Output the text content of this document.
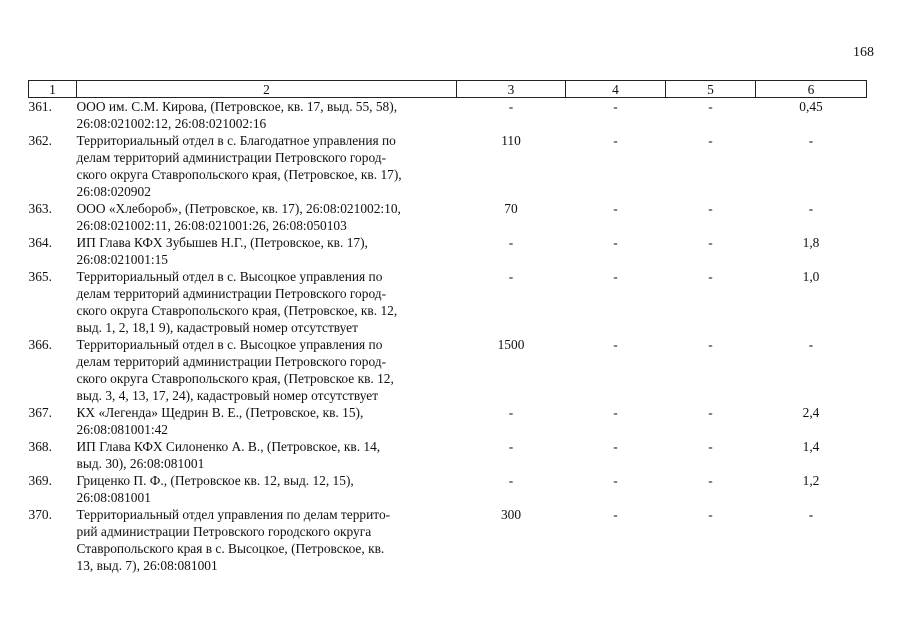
168
1	2	3	4	5	6
361.	ООО им. С.М. Кирова, (Петровское, кв. 17, выд. 55, 58),
26:08:021002:12, 26:08:021002:16	-	-	-	0,45
362.	Территориальный отдел в с. Благодатное управления по
делам территорий администрации Петровского город-
ского округа Ставропольского края, (Петровское, кв. 17),
26:08:020902	110	-	-	-
363.	ООО «Хлебороб», (Петровское, кв. 17), 26:08:021002:10,
26:08:021002:11, 26:08:021001:26, 26:08:050103	70	-	-	-
364.	ИП Глава КФХ Зубышев Н.Г., (Петровское, кв. 17),
26:08:021001:15	-	-	-	1,8
365.	Территориальный отдел в с. Высоцкое управления по
делам территорий администрации Петровского город-
ского округа Ставропольского края, (Петровское, кв. 12,
выд. 1, 2, 18,1 9), кадастровый номер отсутствует	-	-	-	1,0
366.	Территориальный отдел в с. Высоцкое управления по
делам территорий администрации Петровского город-
ского округа Ставропольского края, (Петровское кв. 12,
выд. 3, 4, 13, 17, 24), кадастровый номер отсутствует	1500	-	-	-
367.	КХ «Легенда» Щедрин В. Е., (Петровское, кв. 15),
26:08:081001:42	-	-	-	2,4
368.	ИП Глава КФХ Силоненко А. В., (Петровское, кв. 14,
выд. 30), 26:08:081001	-	-	-	1,4
369.	Гриценко П. Ф., (Петровское кв. 12, выд. 12, 15),
26:08:081001	-	-	-	1,2
370.	Территориальный отдел управления по делам террито-
рий администрации Петровского городского округа
Ставропольского края в с. Высоцкое, (Петровское, кв.
13, выд. 7), 26:08:081001	300	-	-	-
